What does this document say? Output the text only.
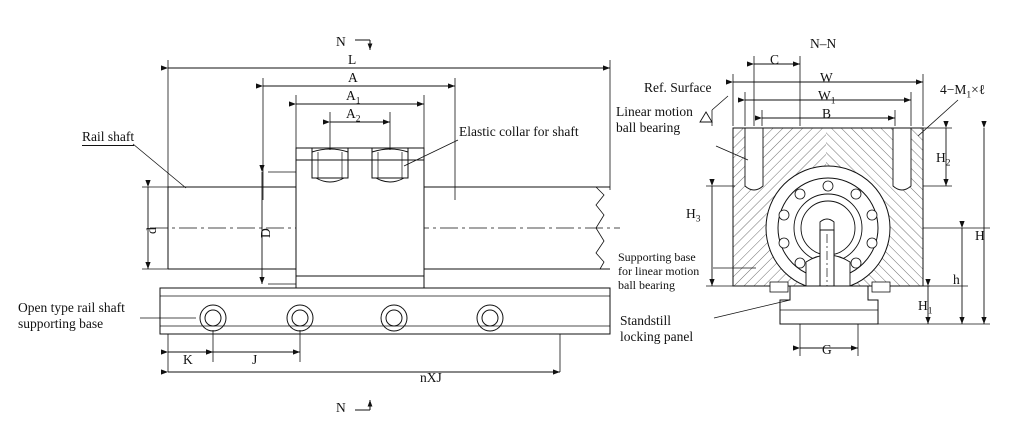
N
N
L
A
$A_1$
$A_2$
D
d
K	J
nXJ
Rail shaft	Elastic collar for shaft
Open type rail shaft
supporting base
N–N
C
W
$W_1$
B
G
$H_2$
H
h
$H_1$
$H_3$
Ref. Surface
Linear motion
ball bearing
Supporting base
for linear motion
ball bearing
Standstill
locking panel
$4-M_1\times\ell$
